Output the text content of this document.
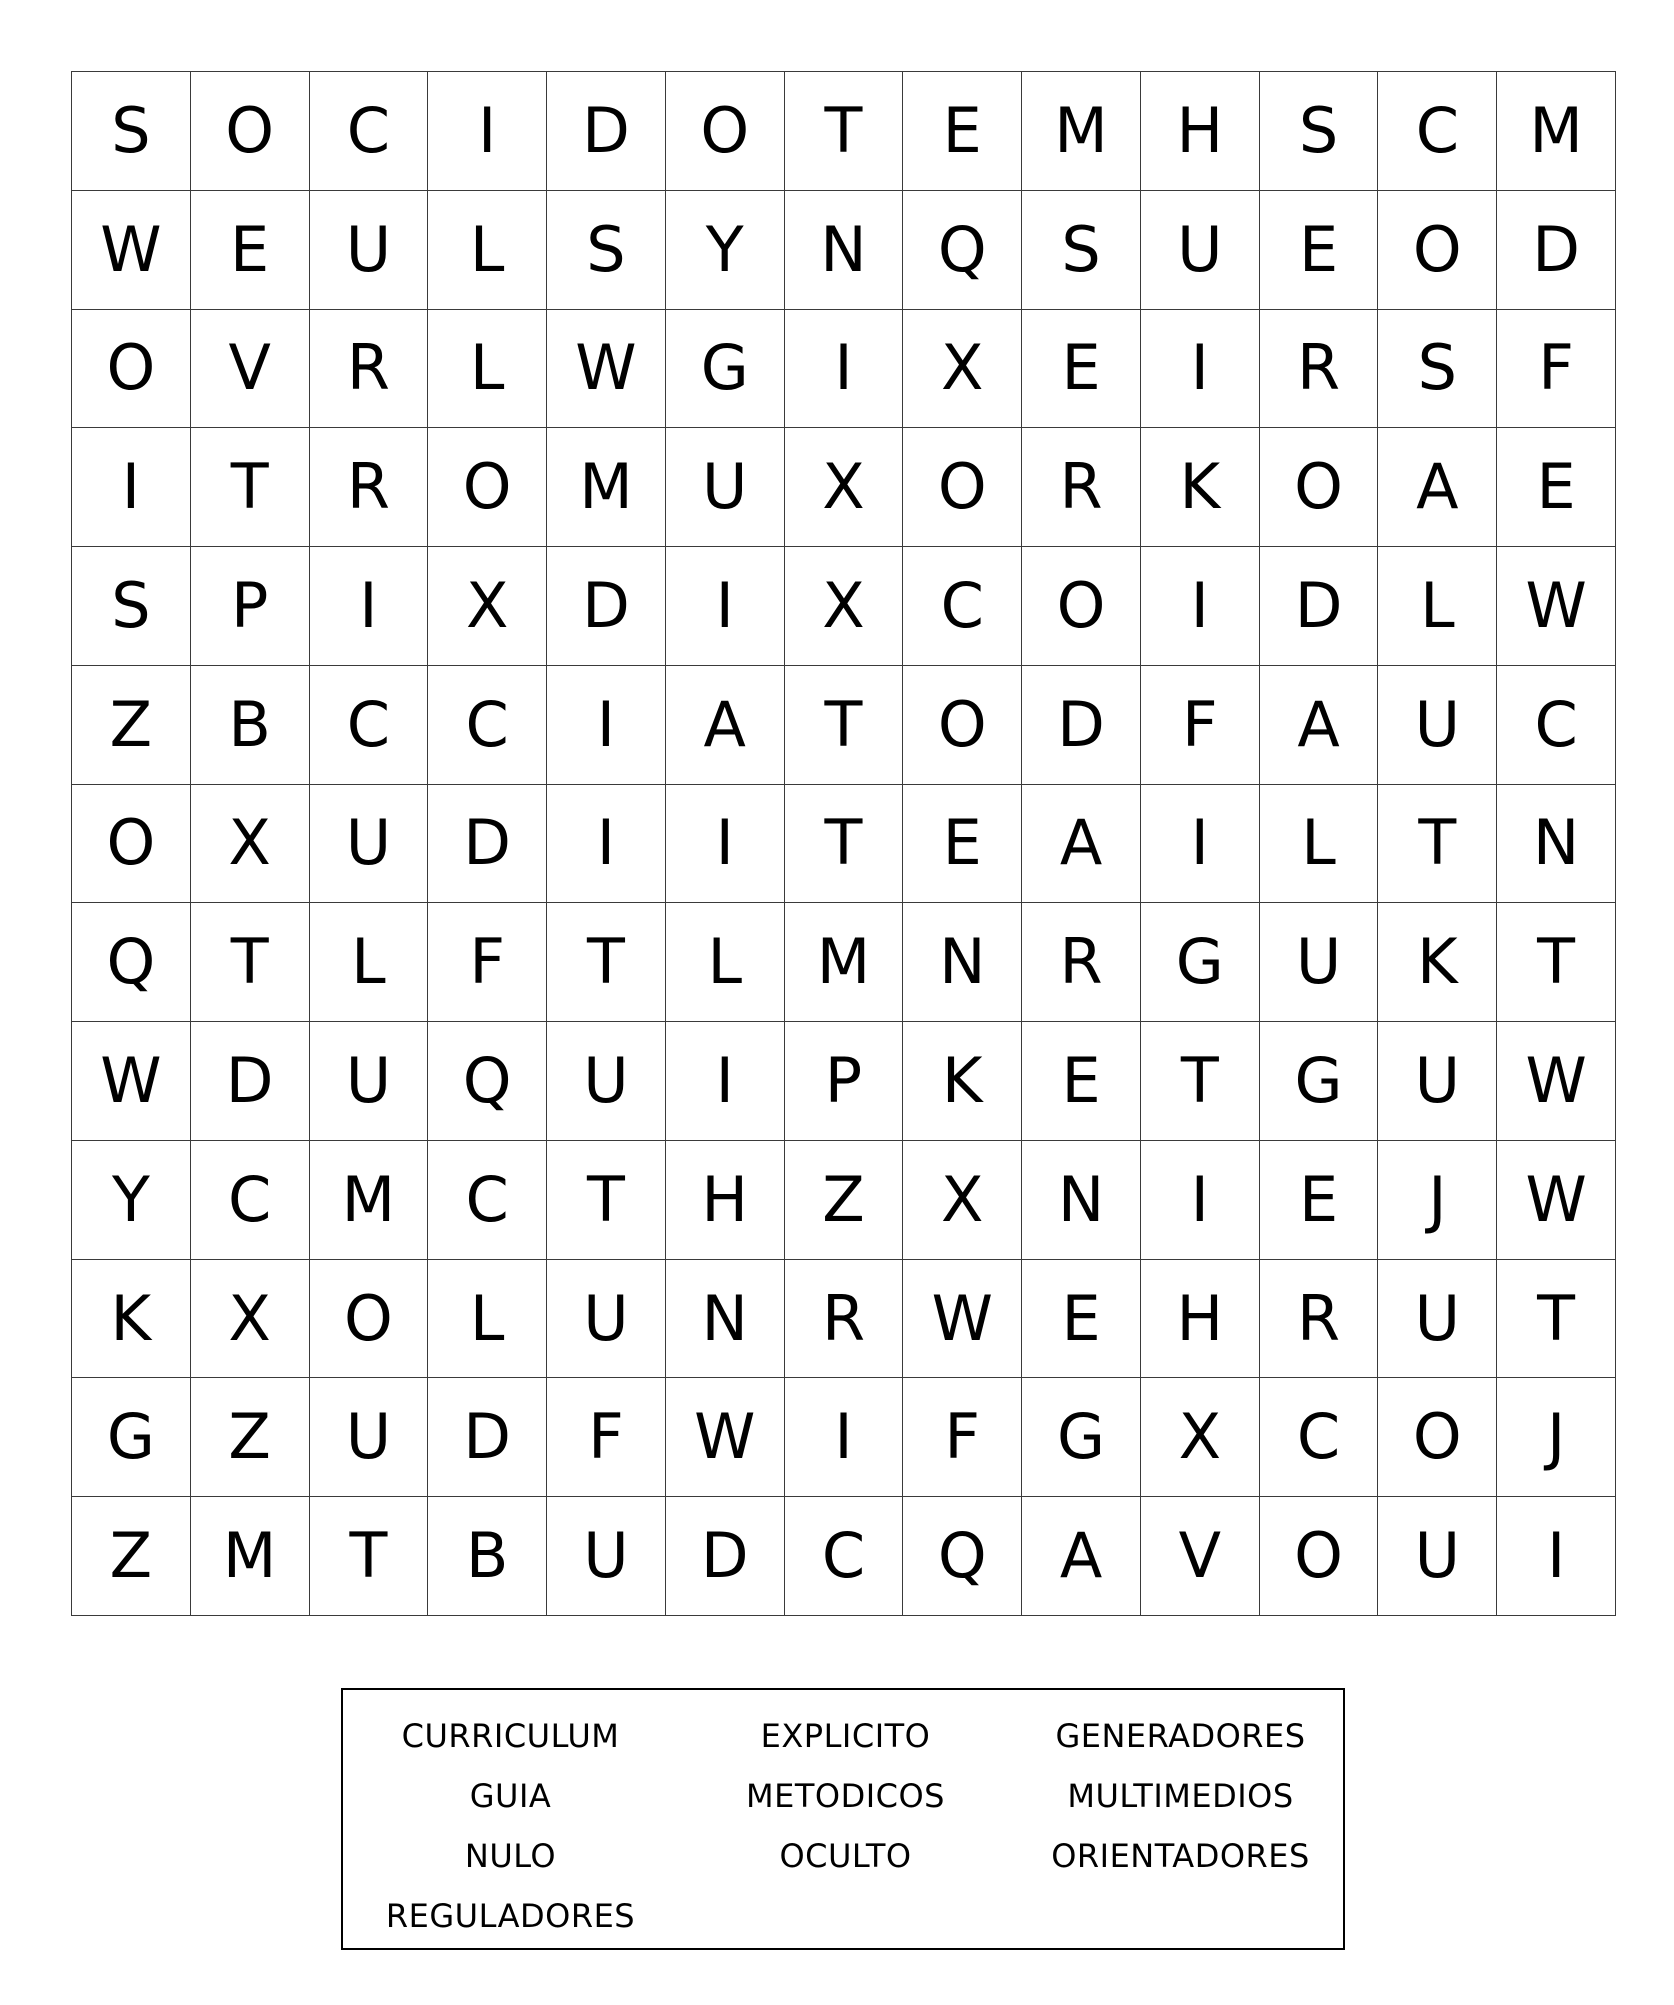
S	O	C	I	D	O	T	E	M	H	S	C	M
W	E	U	L	S	Y	N	Q	S	U	E	O	D
O	V	R	L	W	G	I	X	E	I	R	S	F
I	T	R	O	M	U	X	O	R	K	O	A	E
S	P	I	X	D	I	X	C	O	I	D	L	W
Z	B	C	C	I	A	T	O	D	F	A	U	C
O	X	U	D	I	I	T	E	A	I	L	T	N
Q	T	L	F	T	L	M	N	R	G	U	K	T
W	D	U	Q	U	I	P	K	E	T	G	U	W
Y	C	M	C	T	H	Z	X	N	I	E	J	W
K	X	O	L	U	N	R	W	E	H	R	U	T
G	Z	U	D	F	W	I	F	G	X	C	O	J
Z	M	T	B	U	D	C	Q	A	V	O	U	I
CURRICULUM	EXPLICITO	GENERADORES
GUIA	METODICOS	MULTIMEDIOS
NULO	OCULTO	ORIENTADORES
REGULADORES
